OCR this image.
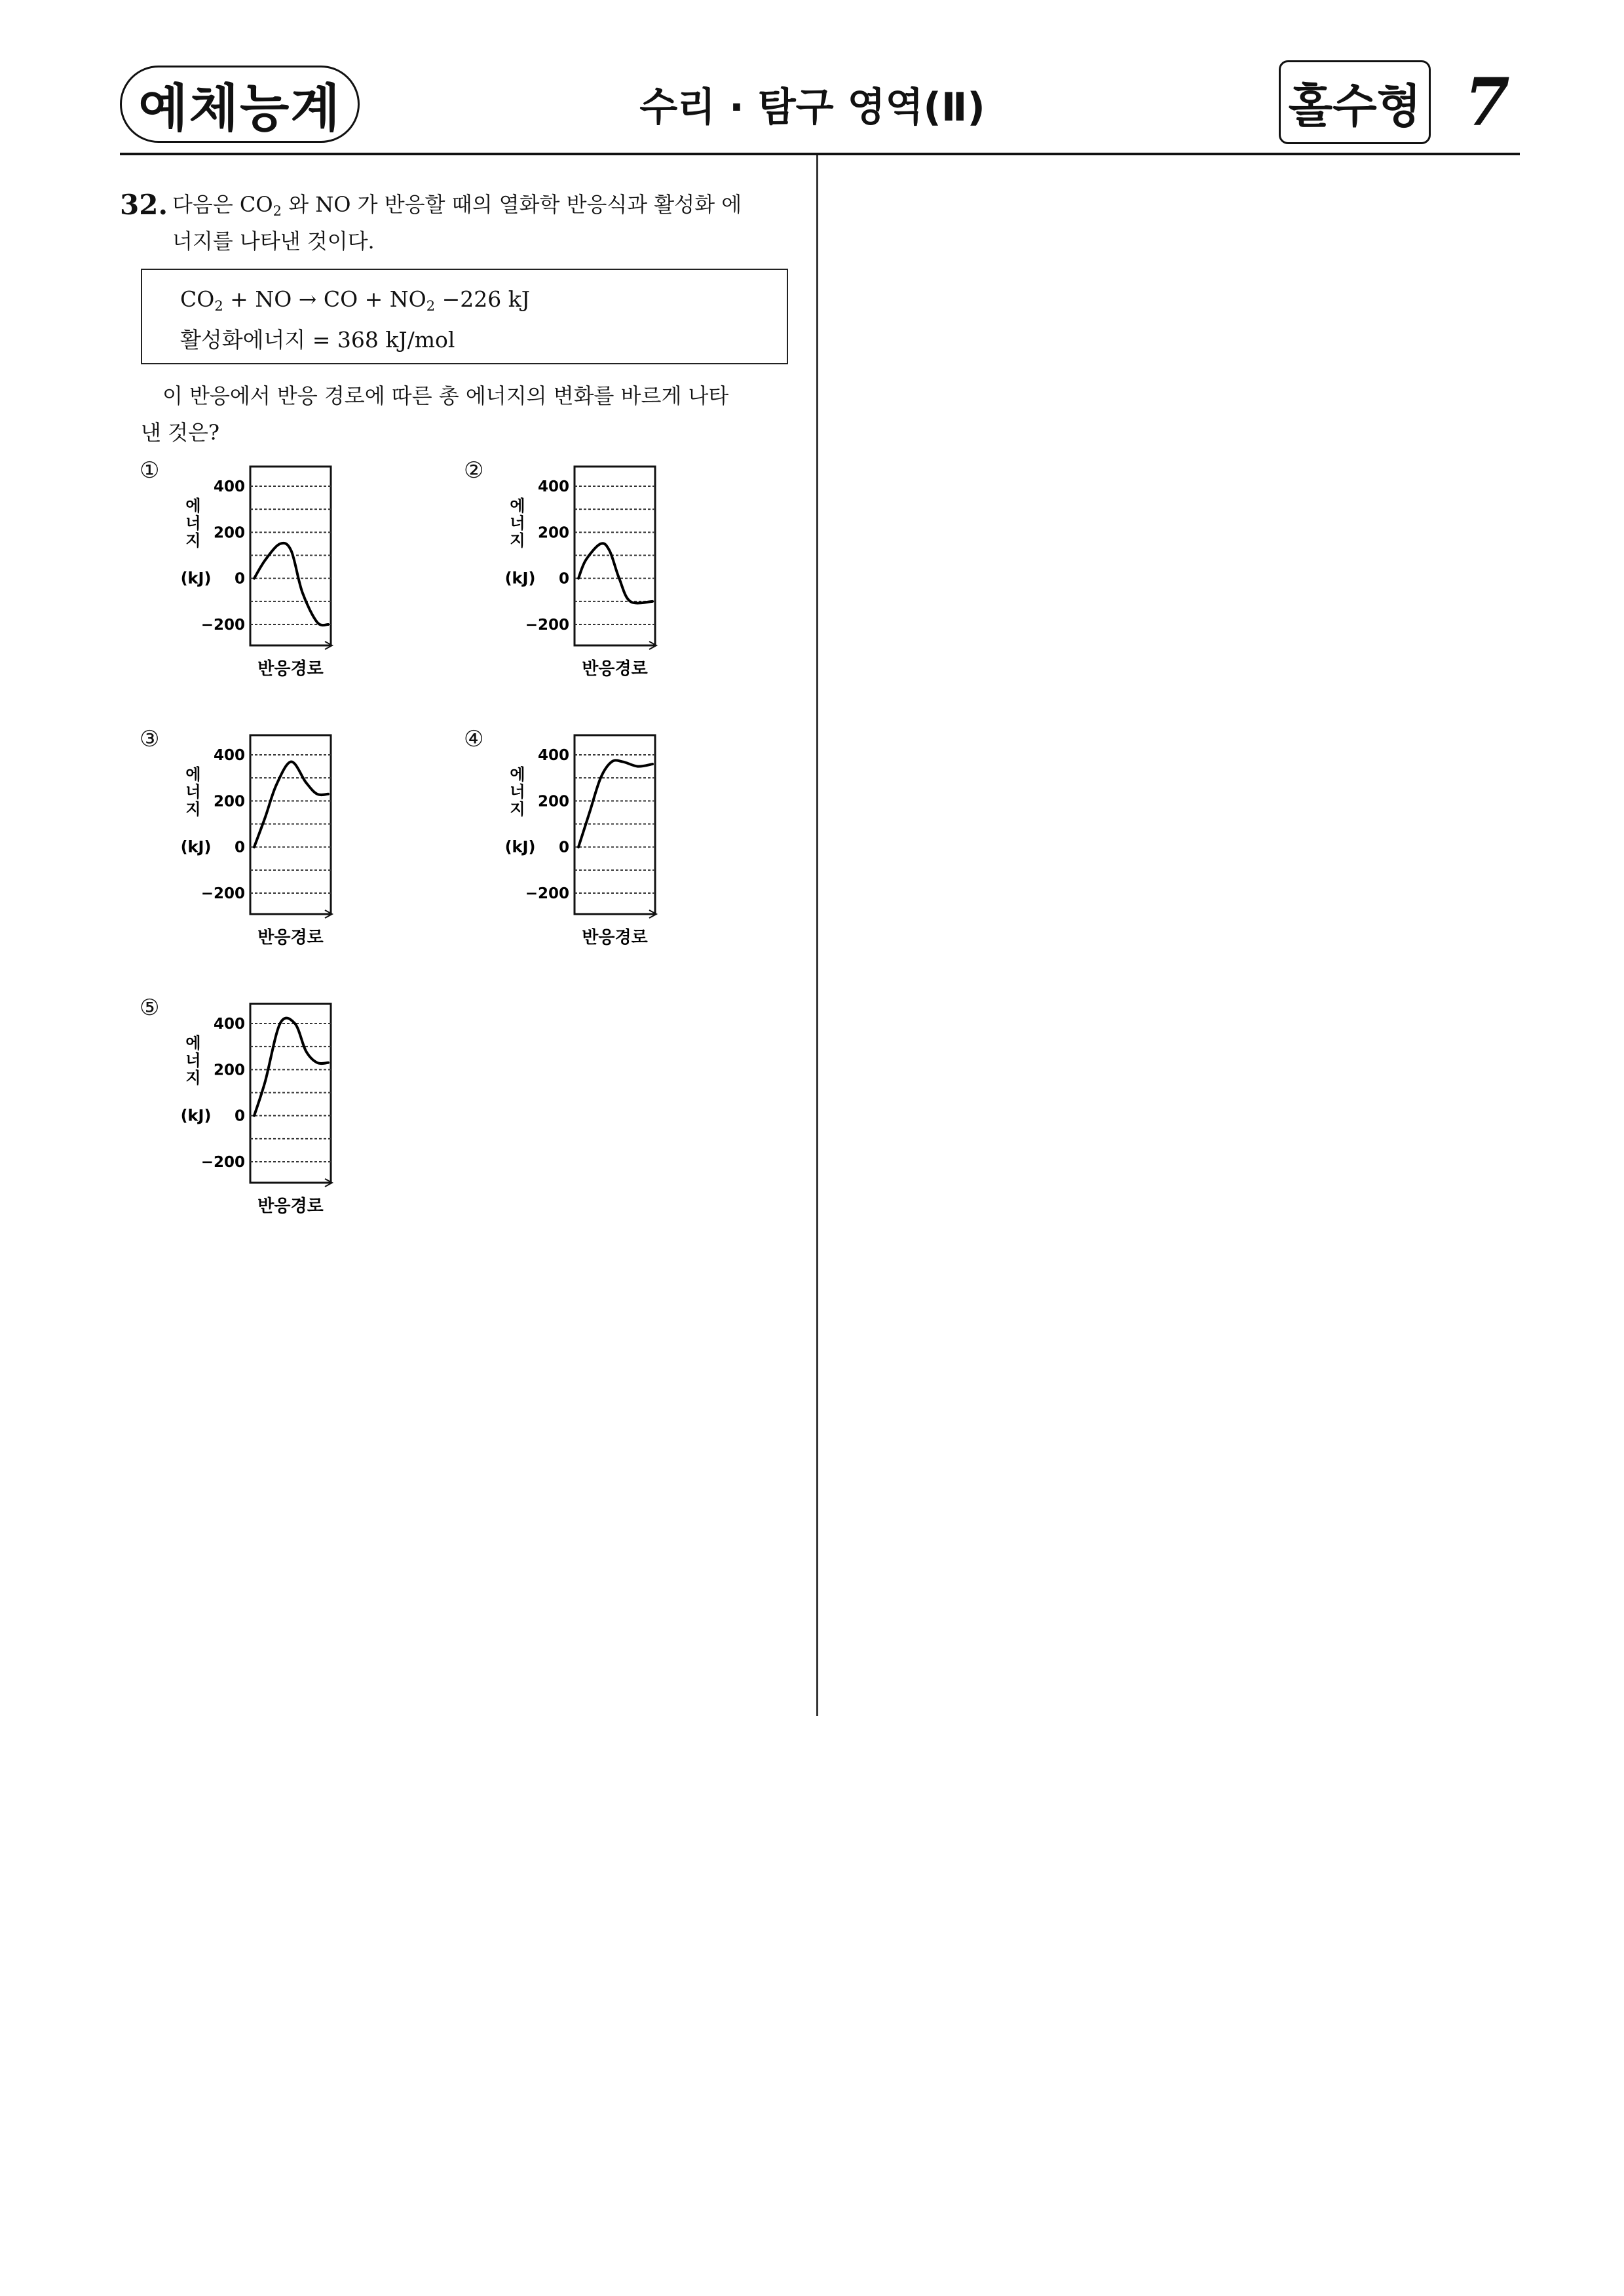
예체능계	수리 · 탐구 영역(Ⅱ)	홀수형 7
32. 다음은 $CO_2$ 와 NO 가 반응할 때의 열화학 반응식과 활성화 에
너지를 나타낸 것이다.
$CO_2$ + NO → CO + $NO_2 -226$ kJ
활성화에너지 = 368 kJ/mol
이 반응에서 반응 경로에 따른 총 에너지의 변화를 바르게 나타
낸 것은?
①	②
③	④
⑤
400
200
0
−200
에
너
지
(kJ)
반응경로
400
200
0
−200
에
너
지
(kJ)
반응경로
400
200
0
−200
에
너
지
(kJ)
반응경로
400
200
0
−200
에
너
지
(kJ)
반응경로
400
200
0
−200
에
너
지
(kJ)
반응경로
